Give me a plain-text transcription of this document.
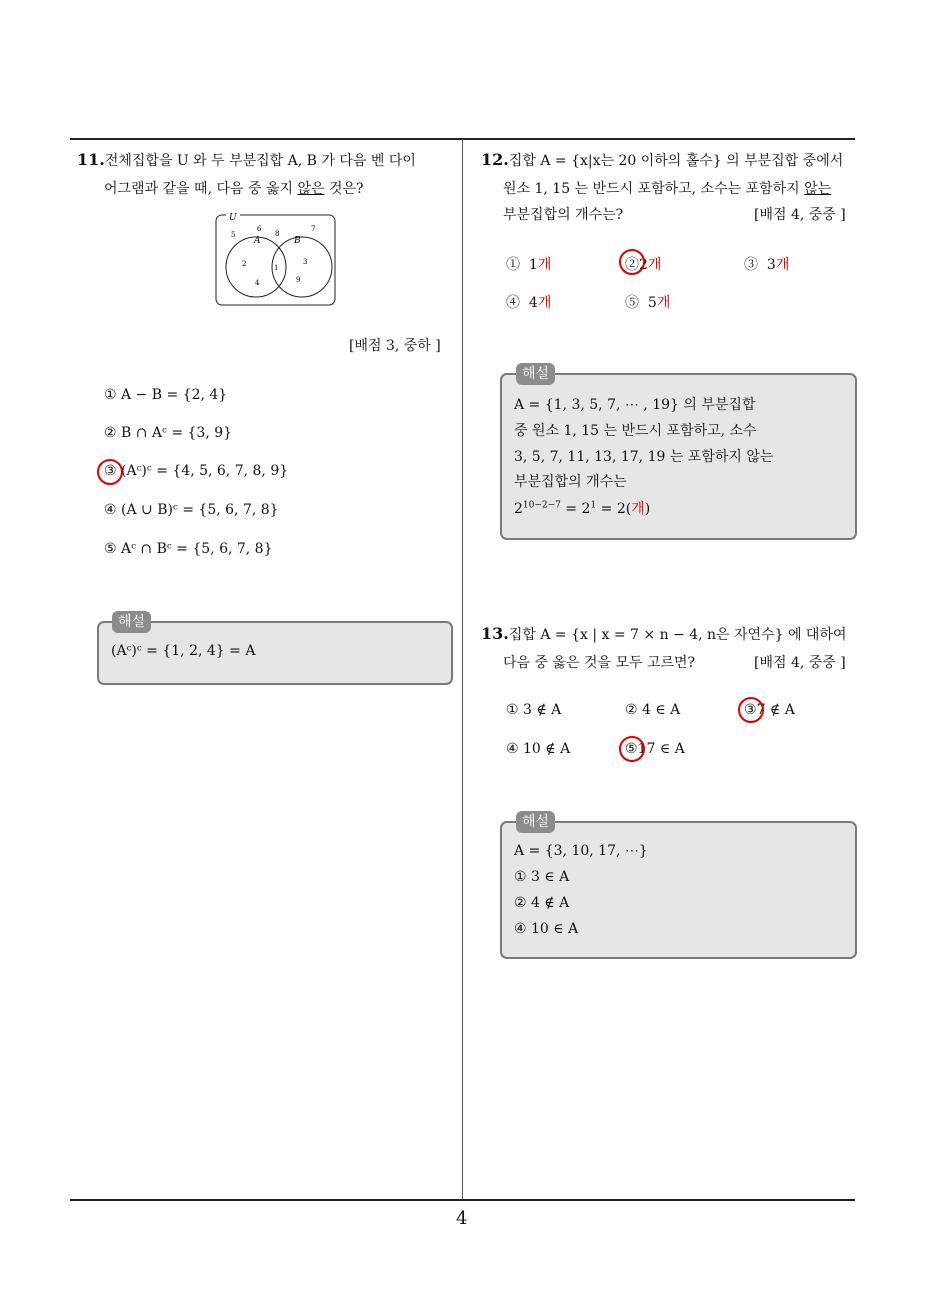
4
11.전체집합을 U 와 두 부분집합 A, B 가 다음 벤 다이
어그램과 같을 때, 다음 중 옳지 않은 것은?
U
A	B
5
6
8
7
2
4
1
3
9
[배점 3, 중하 ]
① A − B = {2, 4}
② B ∩ Aᶜ = {3, 9}
③ (Aᶜ)ᶜ = {4, 5, 6, 7, 8, 9}
④ (A ∪ B)ᶜ = {5, 6, 7, 8}
⑤ Aᶜ ∩ Bᶜ = {5, 6, 7, 8}
해설
(Aᶜ)ᶜ = {1, 2, 4} = A
12.집합 A = {x|x는 20 이하의 홀수} 의 부분집합 중에서
원소 1, 15 는 반드시 포함하고, 소수는 포함하지 않는
부분집합의 개수는?	[배점 4, 중중 ]
① 1개	②2개	③ 3개
④ 4개	⑤ 5개
해설
A = {1, 3, 5, 7, ⋯ , 19} 의 부분집합
중 원소 1, 15 는 반드시 포함하고, 소수
3, 5, 7, 11, 13, 17, 19 는 포함하지 않는
부분집합의 개수는
$2^{10-2-7} = 2^1 = 2$(개)
13.집합 A = {x | x = 7 × n − 4, n은 자연수} 에 대하여
다음 중 옳은 것을 모두 고르면?	[배점 4, 중중 ]
① 3 ∉ A	② 4 ∈ A	③7 ∉ A
④ 10 ∉ A	⑤17 ∈ A
해설
A = {3, 10, 17, ⋯}
① 3 ∈ A
② 4 ∉ A
④ 10 ∈ A
